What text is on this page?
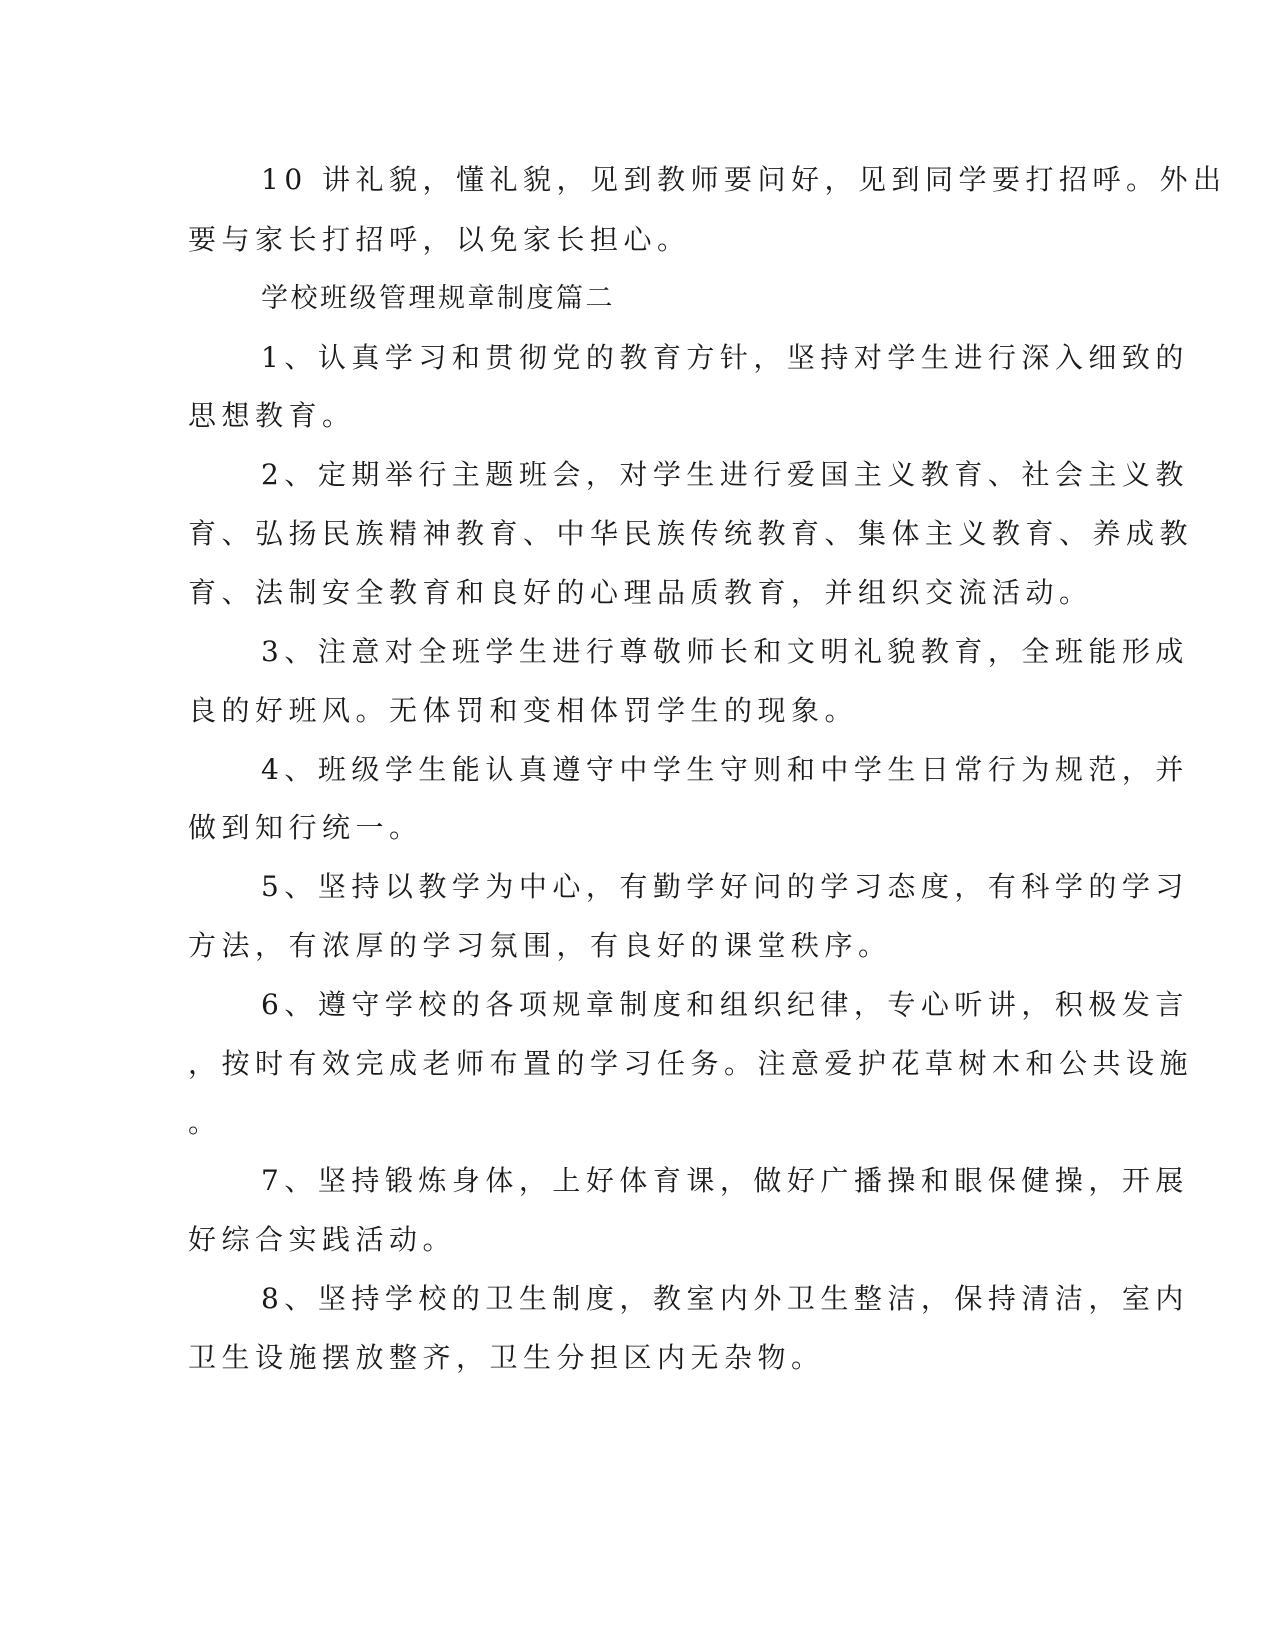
10 讲礼貌，懂礼貌，见到教师要问好，见到同学要打招呼。外出
要与家长打招呼，以免家长担心。
学校班级管理规章制度篇二
1、认真学习和贯彻党的教育方针，坚持对学生进行深入细致的
思想教育。
2、定期举行主题班会，对学生进行爱国主义教育、社会主义教
育、弘扬民族精神教育、中华民族传统教育、集体主义教育、养成教
育、法制安全教育和良好的心理品质教育，并组织交流活动。
3、注意对全班学生进行尊敬师长和文明礼貌教育，全班能形成
良的好班风。无体罚和变相体罚学生的现象。
4、班级学生能认真遵守中学生守则和中学生日常行为规范，并
做到知行统一。
5、坚持以教学为中心，有勤学好问的学习态度，有科学的学习
方法，有浓厚的学习氛围，有良好的课堂秩序。
6、遵守学校的各项规章制度和组织纪律，专心听讲，积极发言
，按时有效完成老师布置的学习任务。注意爱护花草树木和公共设施
。
7、坚持锻炼身体，上好体育课，做好广播操和眼保健操，开展
好综合实践活动。
8、坚持学校的卫生制度，教室内外卫生整洁，保持清洁，室内
卫生设施摆放整齐，卫生分担区内无杂物。
